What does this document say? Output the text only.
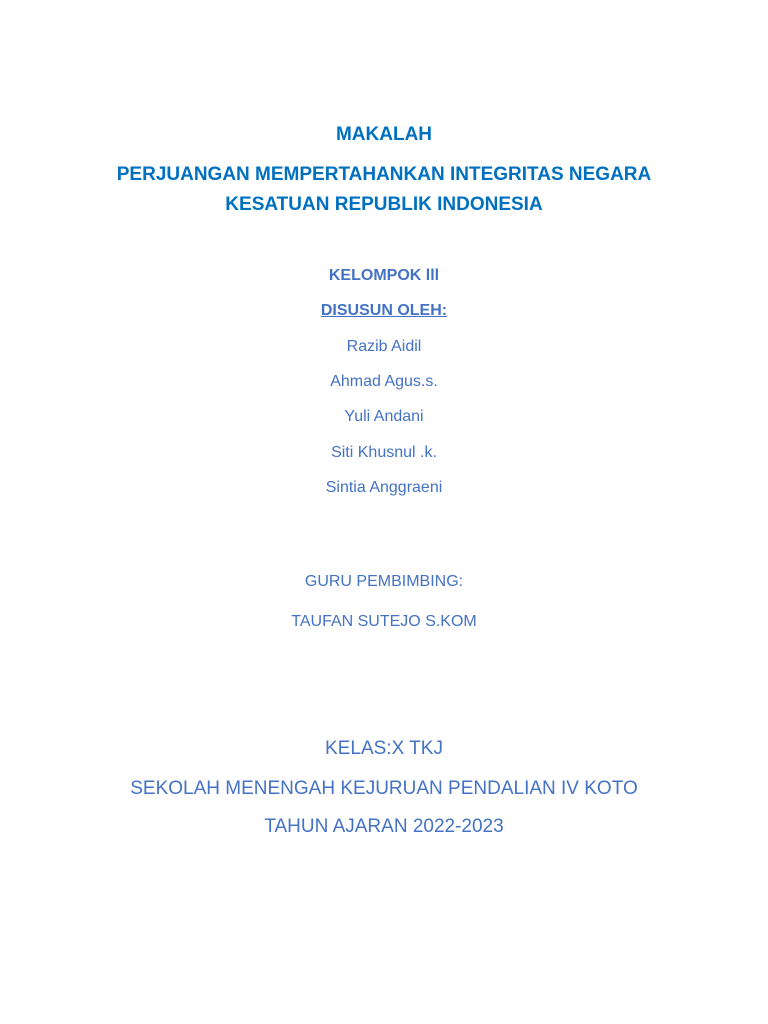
MAKALAH
PERJUANGAN MEMPERTAHANKAN INTEGRITAS NEGARA
KESATUAN REPUBLIK INDONESIA
KELOMPOK lll
DISUSUN OLEH:
Razib Aidil
Ahmad Agus.s.
Yuli Andani
Siti Khusnul .k.
Sintia Anggraeni
GURU PEMBIMBING:
TAUFAN SUTEJO S.KOM
KELAS:X TKJ
SEKOLAH MENENGAH KEJURUAN PENDALIAN IV KOTO
TAHUN AJARAN 2022-2023
